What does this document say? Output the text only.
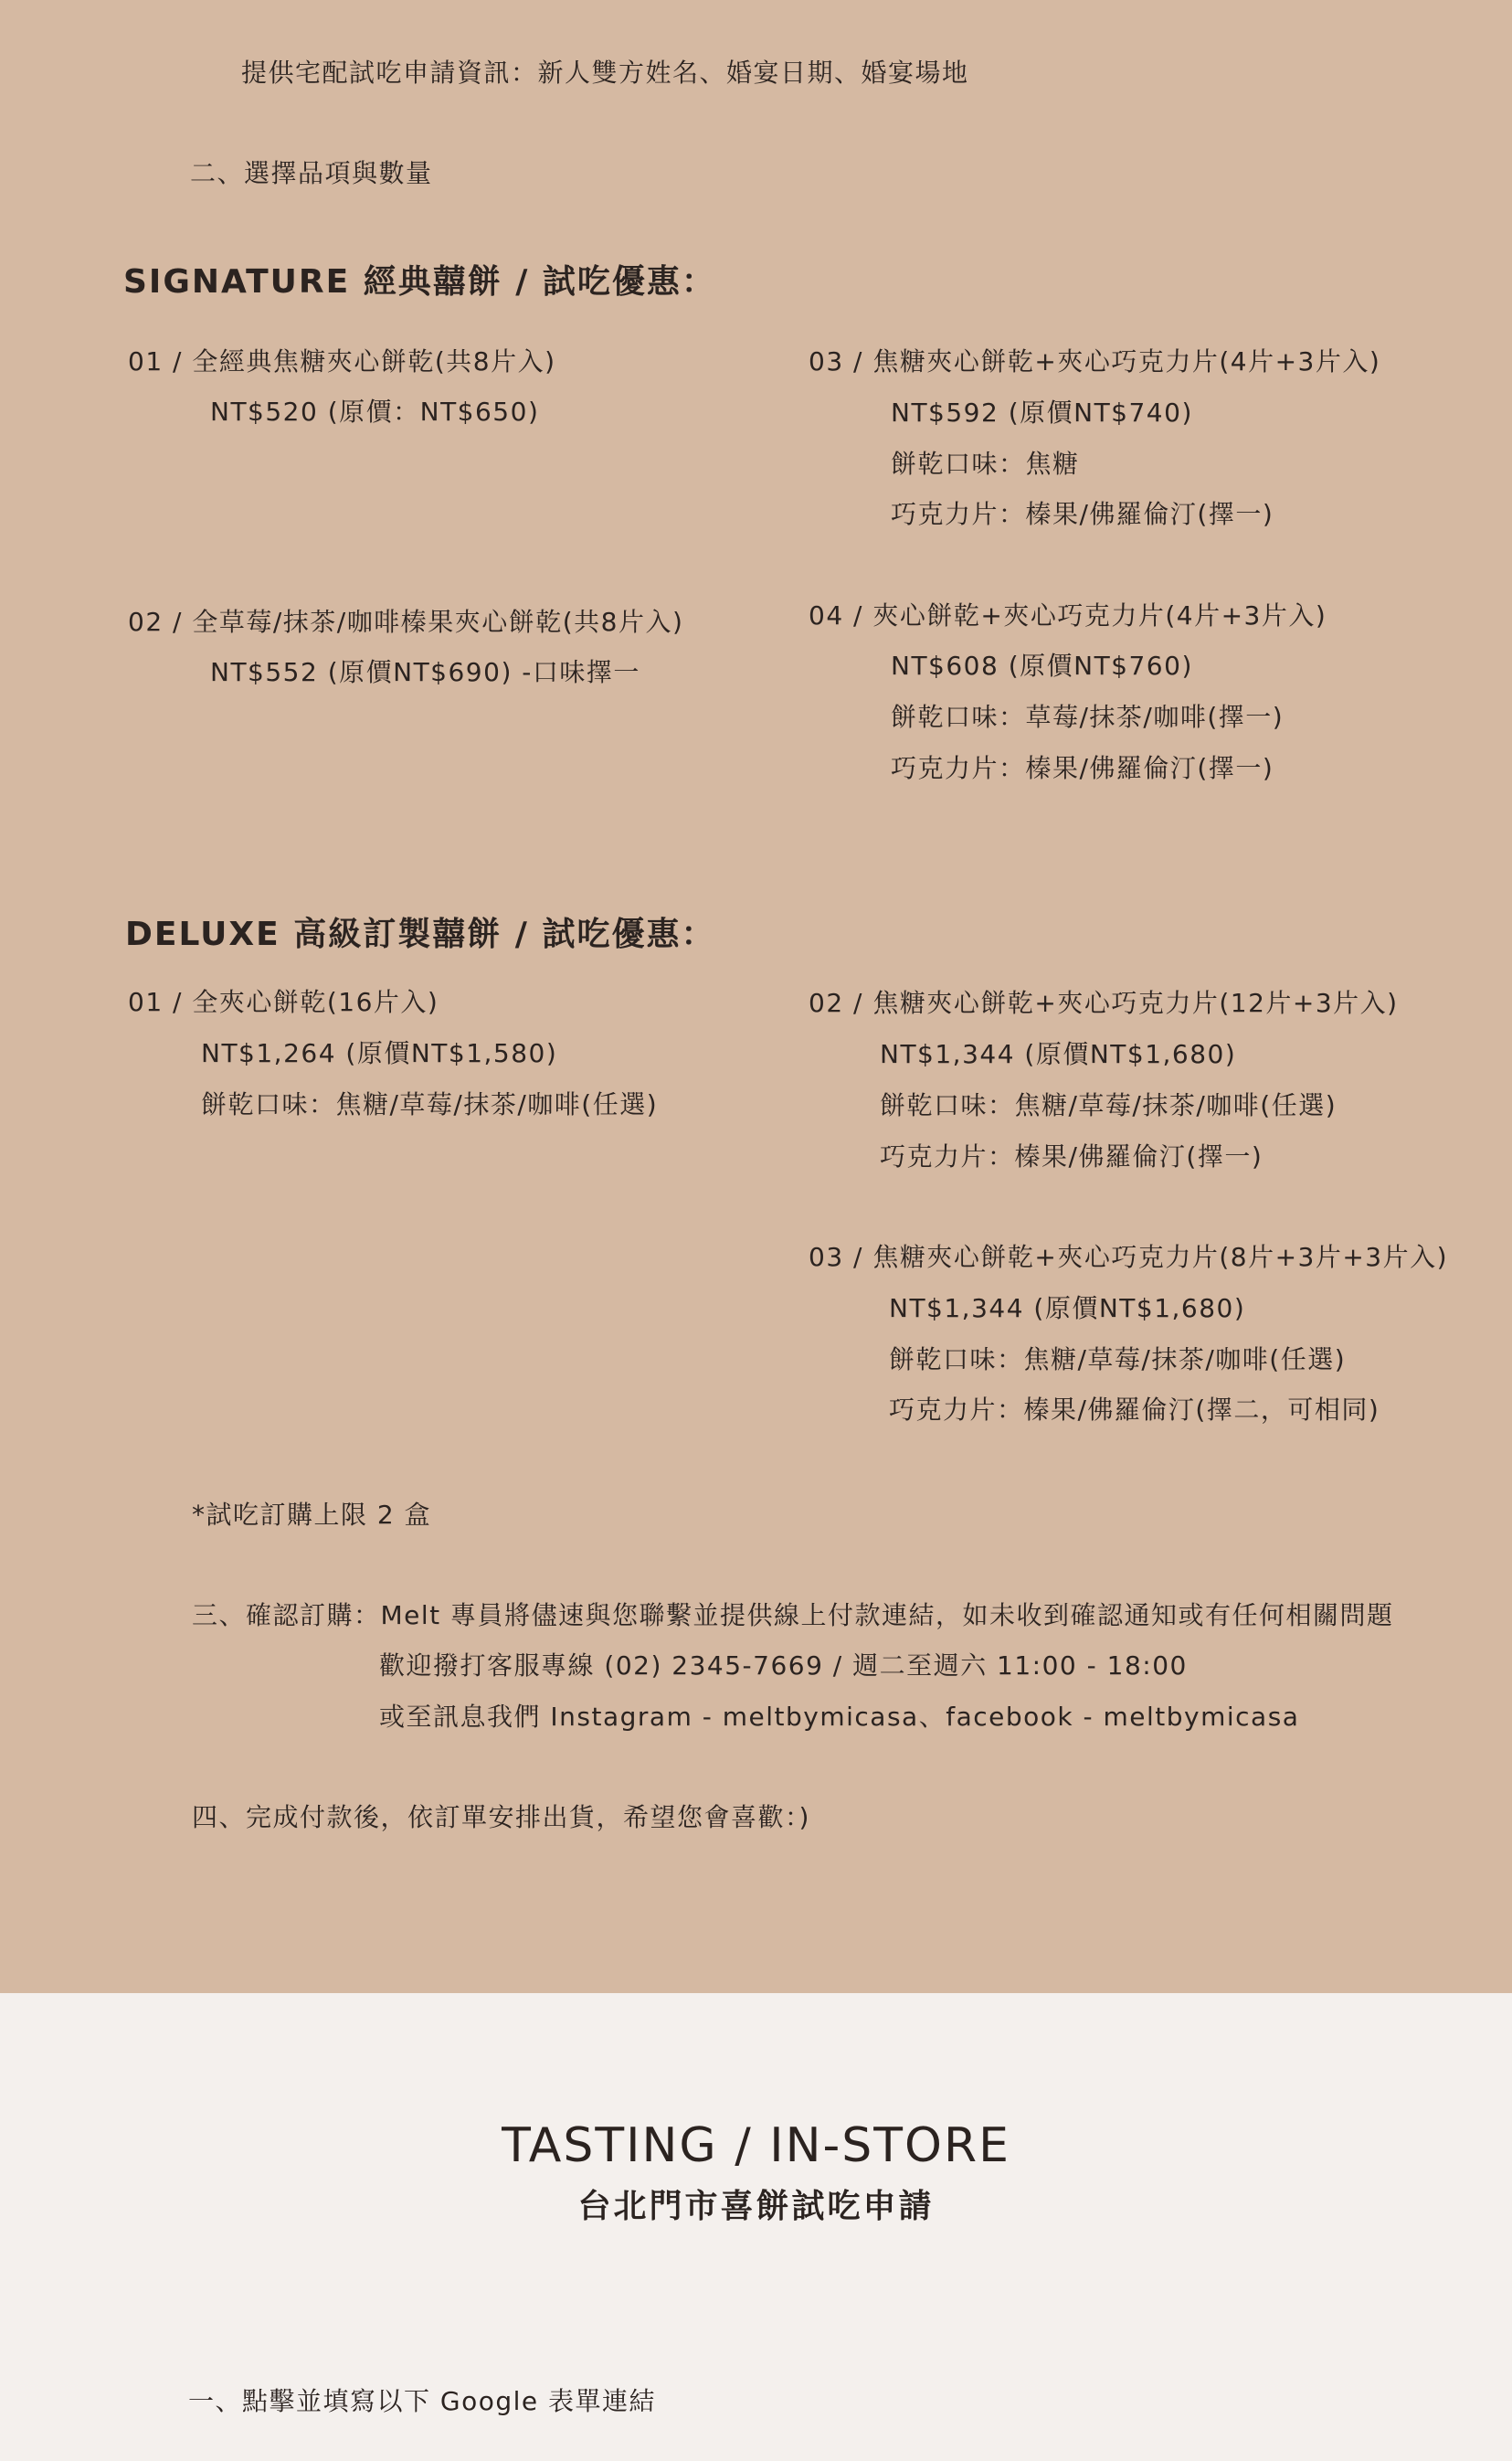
提供宅配試吃申請資訊：新人雙方姓名、婚宴日期、婚宴場地
二、選擇品項與數量
SIGNATURE 經典囍餅 / 試吃優惠：
01 / 全經典焦糖夾心餅乾(共8片入)
NT$520 (原價：NT$650)
02 / 全草莓/抹茶/咖啡榛果夾心餅乾(共8片入)
NT$552 (原價NT$690) -口味擇一
03 / 焦糖夾心餅乾+夾心巧克力片(4片+3片入)
NT$592 (原價NT$740)
餅乾口味：焦糖
巧克力片：榛果/佛羅倫汀(擇一)
04 / 夾心餅乾+夾心巧克力片(4片+3片入)
NT$608 (原價NT$760)
餅乾口味：草莓/抹茶/咖啡(擇一)
巧克力片：榛果/佛羅倫汀(擇一)
DELUXE 高級訂製囍餅 / 試吃優惠：
01 / 全夾心餅乾(16片入)
NT$1,264 (原價NT$1,580)
餅乾口味：焦糖/草莓/抹茶/咖啡(任選)
02 / 焦糖夾心餅乾+夾心巧克力片(12片+3片入)
NT$1,344 (原價NT$1,680)
餅乾口味：焦糖/草莓/抹茶/咖啡(任選)
巧克力片：榛果/佛羅倫汀(擇一)
03 / 焦糖夾心餅乾+夾心巧克力片(8片+3片+3片入)
NT$1,344 (原價NT$1,680)
餅乾口味：焦糖/草莓/抹茶/咖啡(任選)
巧克力片：榛果/佛羅倫汀(擇二，可相同)
*試吃訂購上限 2 盒
三、確認訂購：Melt 專員將儘速與您聯繫並提供線上付款連結，如未收到確認通知或有任何相關問題
歡迎撥打客服專線 (02) 2345-7669 / 週二至週六 11:00 - 18:00
或至訊息我們 Instagram - meltbymicasa、facebook - meltbymicasa
四、完成付款後，依訂單安排出貨，希望您會喜歡：)
TASTING / IN-STORE
台北門市喜餅試吃申請
一、點擊並填寫以下 Google 表單連結
